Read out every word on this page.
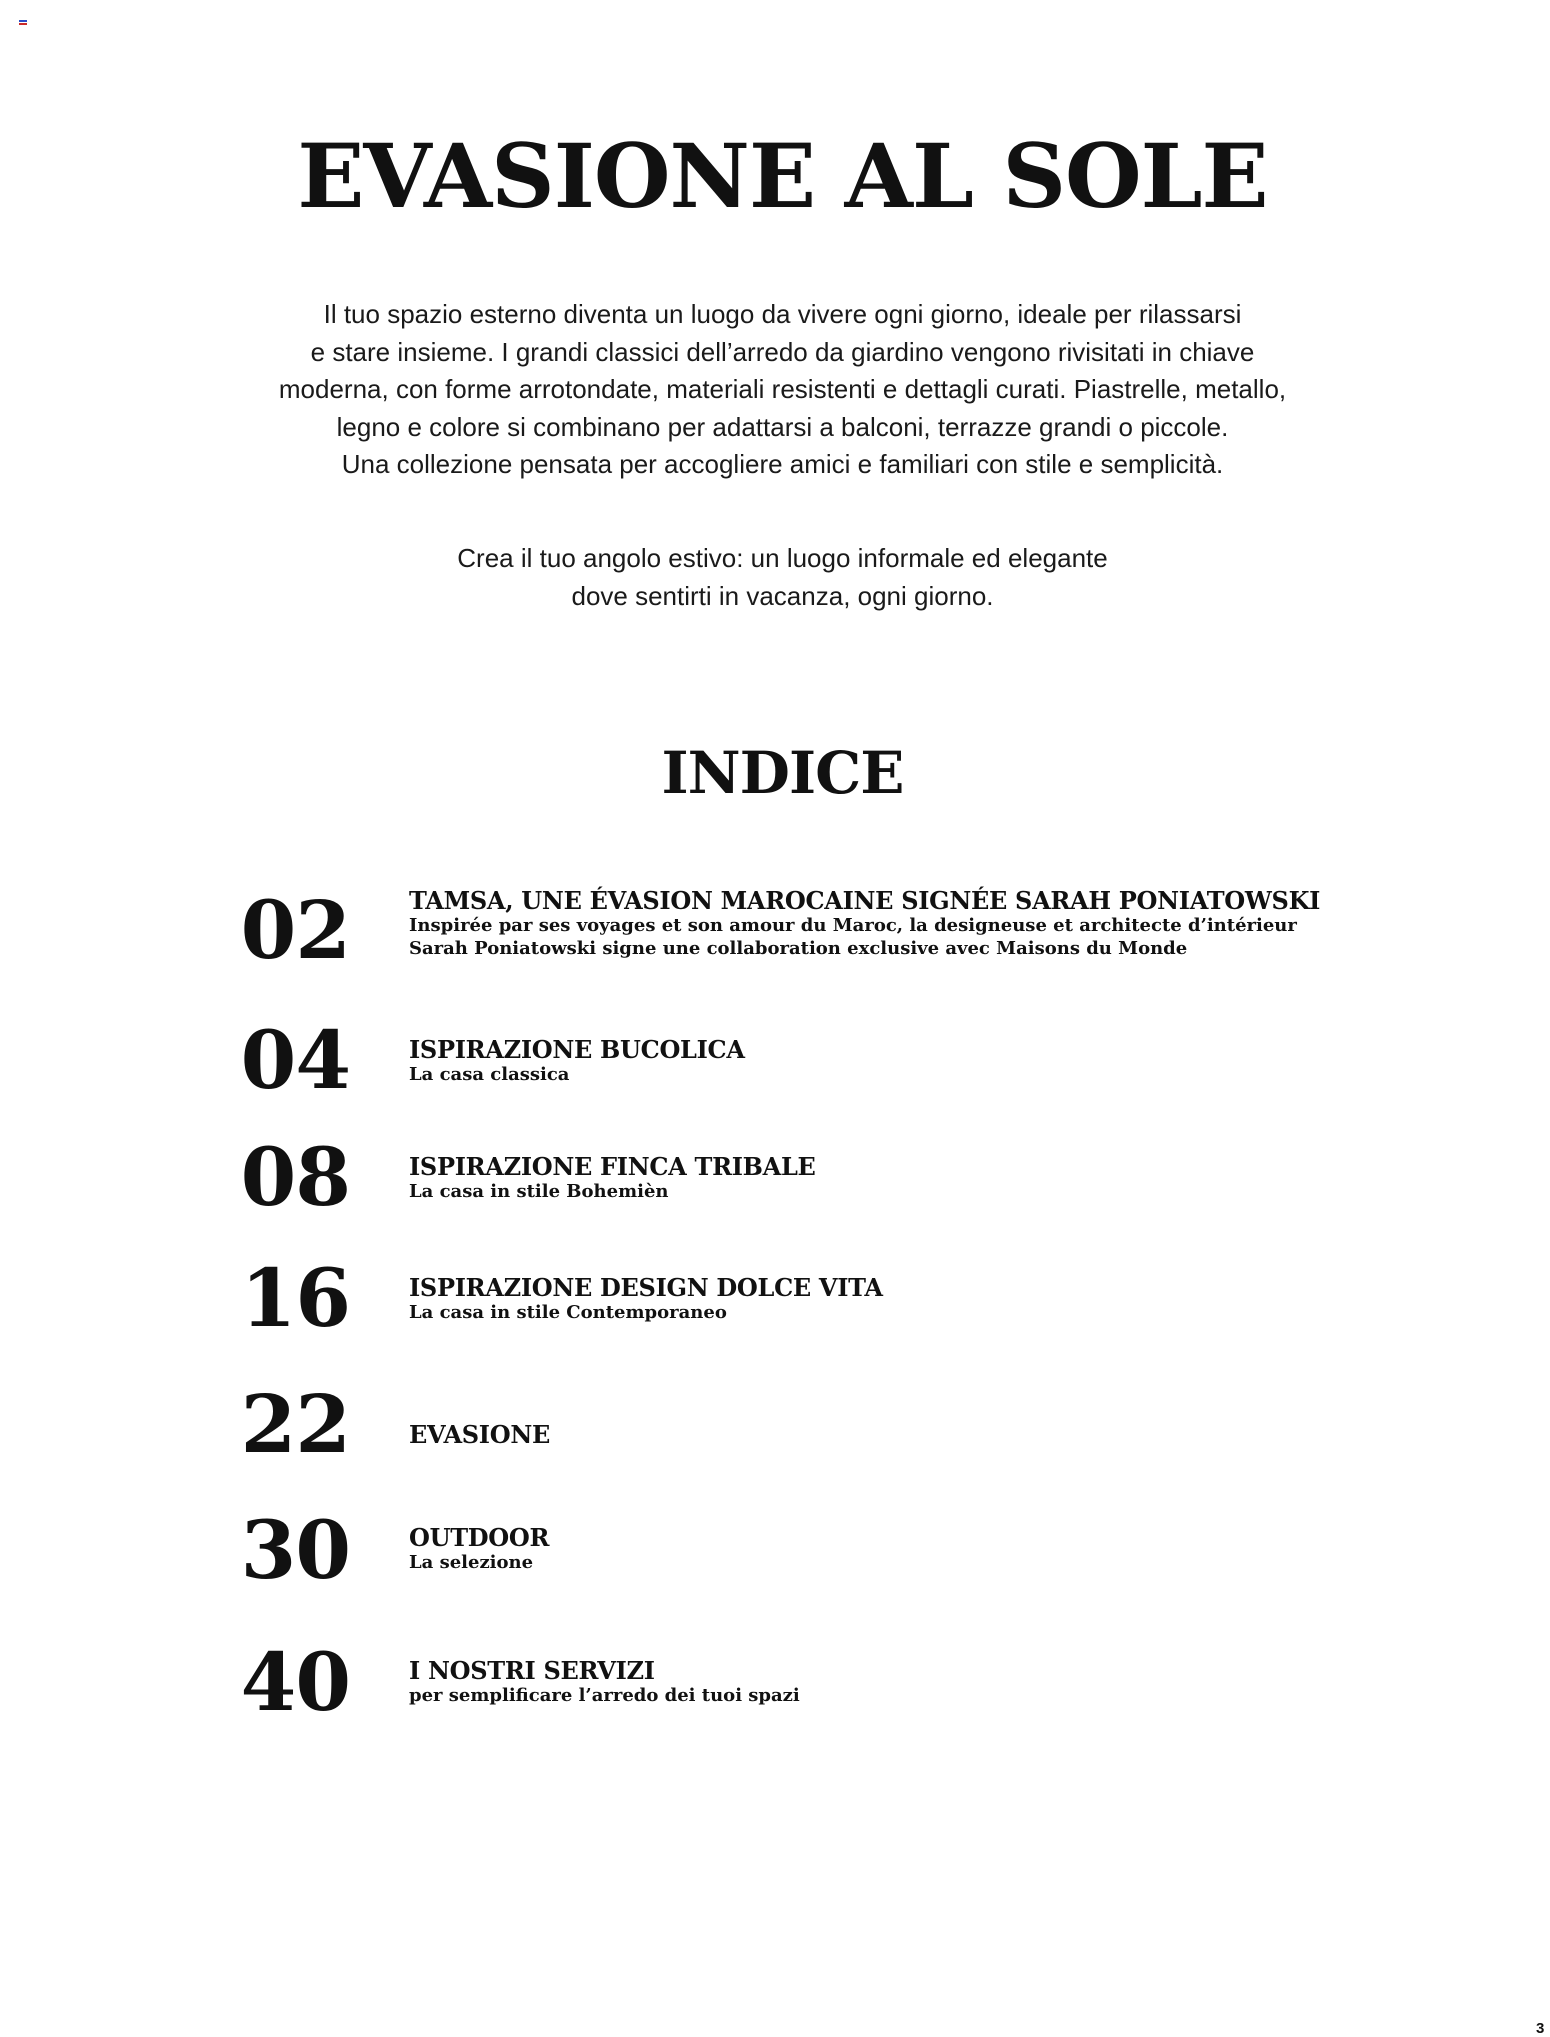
EVASIONE AL SOLE

Il tuo spazio esterno diventa un luogo da vivere ogni giorno, ideale per rilassarsi
e stare insieme. I grandi classici dell’arredo da giardino vengono rivisitati in chiave
moderna, con forme arrotondate, materiali resistenti e dettagli curati. Piastrelle, metallo,
legno e colore si combinano per adattarsi a balconi, terrazze grandi o piccole.
Una collezione pensata per accogliere amici e familiari con stile e semplicità.

Crea il tuo angolo estivo: un luogo informale ed elegante
dove sentirti in vacanza, ogni giorno.

INDICE
02 TAMSA, UNE ÉVASION MAROCAINE SIGNÉE SARAH PONIATOWSKI
Inspirée par ses voyages et son amour du Maroc, la designeuse et architecte d’intérieur
Sarah Poniatowski signe une collaboration exclusive avec Maisons du Monde
04 ISPIRAZIONE BUCOLICA
La casa classica
08 ISPIRAZIONE FINCA TRIBALE
La casa in stile Bohemièn
16 ISPIRAZIONE DESIGN DOLCE VITA
La casa in stile Contemporaneo
22 EVASIONE
30 OUTDOOR
La selezione
40 I NOSTRI SERVIZI
per semplificare l’arredo dei tuoi spazi
3
